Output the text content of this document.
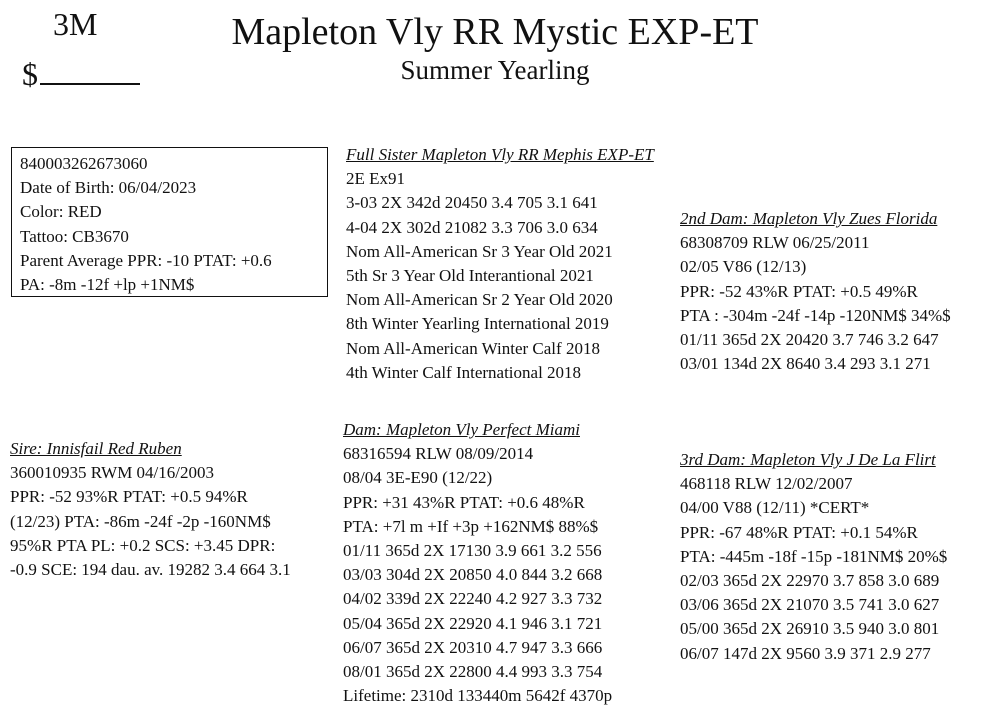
3M
$
Mapleton Vly RR Mystic EXP-ET
Summer Yearling
840003262673060
Date of Birth: 06/04/2023
Color: RED
Tattoo: CB3670
Parent Average PPR: -10 PTAT: +0.6
PA: -8m -12f +lp +1NM$
Full Sister Mapleton Vly RR Mephis EXP-ET
2E Ex91
3-03 2X 342d 20450 3.4 705 3.1 641
4-04 2X 302d 21082 3.3 706 3.0 634
Nom All-American Sr 3 Year Old 2021
5th Sr 3 Year Old Interantional 2021
Nom All-American Sr 2 Year Old 2020
8th Winter Yearling International 2019
Nom All-American Winter Calf 2018
4th Winter Calf International 2018
2nd Dam: Mapleton Vly Zues Florida
68308709 RLW 06/25/2011
02/05 V86 (12/13)
PPR: -52 43%R PTAT: +0.5 49%R
PTA : -304m -24f -14p -120NM$ 34%$
01/11 365d 2X 20420 3.7 746 3.2 647
03/01 134d 2X 8640 3.4 293 3.1 271
Sire: Innisfail Red Ruben
360010935 RWM 04/16/2003
PPR: -52 93%R PTAT: +0.5 94%R
(12/23) PTA: -86m -24f -2p -160NM$
95%R PTA PL: +0.2 SCS: +3.45 DPR:
-0.9 SCE: 194 dau. av. 19282 3.4 664 3.1
Dam: Mapleton Vly Perfect Miami
68316594 RLW 08/09/2014
08/04 3E-E90 (12/22)
PPR: +31 43%R PTAT: +0.6 48%R
PTA: +7l m +If +3p +162NM$ 88%$
01/11 365d 2X 17130 3.9 661 3.2 556
03/03 304d 2X 20850 4.0 844 3.2 668
04/02 339d 2X 22240 4.2 927 3.3 732
05/04 365d 2X 22920 4.1 946 3.1 721
06/07 365d 2X 20310 4.7 947 3.3 666
08/01 365d 2X 22800 4.4 993 3.3 754
Lifetime: 2310d 133440m 5642f 4370p
3rd Dam: Mapleton Vly J De La Flirt
468118 RLW 12/02/2007
04/00 V88 (12/11) *CERT*
PPR: -67 48%R PTAT: +0.1 54%R
PTA: -445m -18f -15p -181NM$ 20%$
02/03 365d 2X 22970 3.7 858 3.0 689
03/06 365d 2X 21070 3.5 741 3.0 627
05/00 365d 2X 26910 3.5 940 3.0 801
06/07 147d 2X 9560 3.9 371 2.9 277
